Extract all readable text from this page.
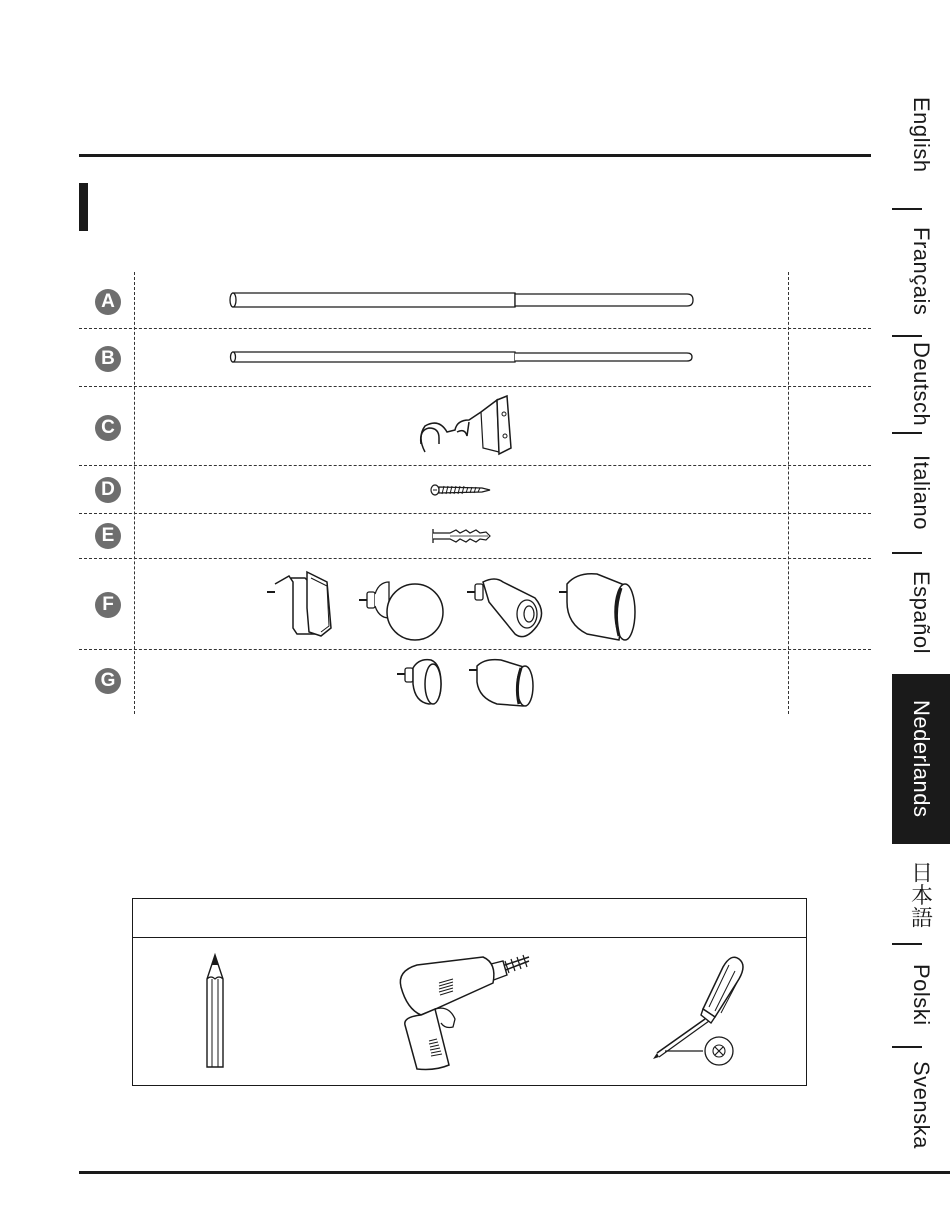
English
Français
Deutsch
Italiano
Español
Nederlands
日本語
Polski
Svenska
A
B
C
D
E
F
G
